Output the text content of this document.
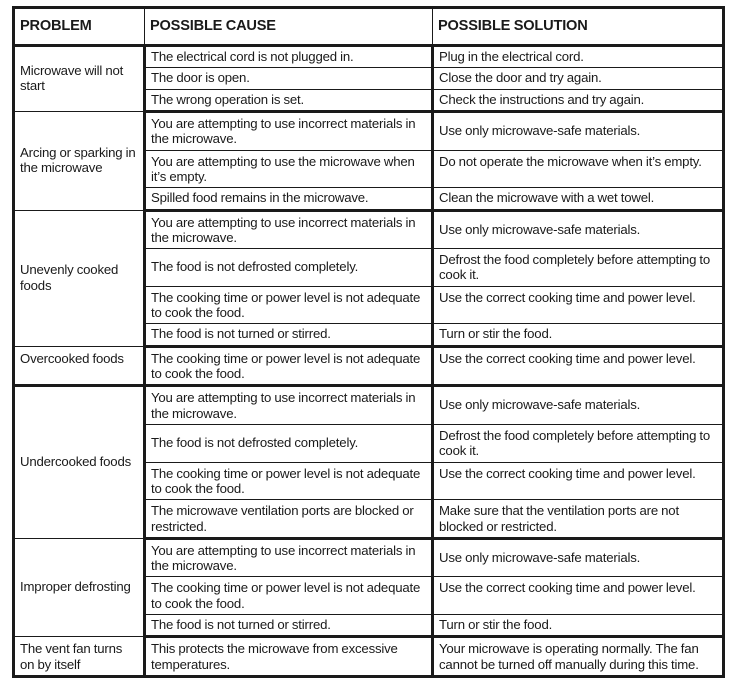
PROBLEM	POSSIBLE CAUSE	POSSIBLE SOLUTION
Microwave will not start	The electrical cord is not plugged in.	Plug in the electrical cord.
	The door is open.	Close the door and try again.
	The wrong operation is set.	Check the instructions and try again.
Arcing or sparking in the microwave	You are attempting to use incorrect materials in the microwave.	Use only microwave-safe materials.
	You are attempting to use the microwave when it’s empty.	Do not operate the microwave when it’s empty.
	Spilled food remains in the microwave.	Clean the microwave with a wet towel.
Unevenly cooked foods	You are attempting to use incorrect materials in the microwave.	Use only microwave-safe materials.
	The food is not defrosted completely.	Defrost the food completely before attempting to cook it.
	The cooking time or power level is not adequate to cook the food.	Use the correct cooking time and power level.
	The food is not turned or stirred.	Turn or stir the food.
Overcooked foods	The cooking time or power level is not adequate to cook the food.	Use the correct cooking time and power level.
Undercooked foods	You are attempting to use incorrect materials in the microwave.	Use only microwave-safe materials.
	The food is not defrosted completely.	Defrost the food completely before attempting to cook it.
	The cooking time or power level is not adequate to cook the food.	Use the correct cooking time and power level.
	The microwave ventilation ports are blocked or restricted.	Make sure that the ventilation ports are not blocked or restricted.
Improper defrosting	You are attempting to use incorrect materials in the microwave.	Use only microwave-safe materials.
	The cooking time or power level is not adequate to cook the food.	Use the correct cooking time and power level.
	The food is not turned or stirred.	Turn or stir the food.
The vent fan turns on by itself	This protects the microwave from excessive temperatures.	Your microwave is operating normally. The fan cannot be turned off manually during this time.
